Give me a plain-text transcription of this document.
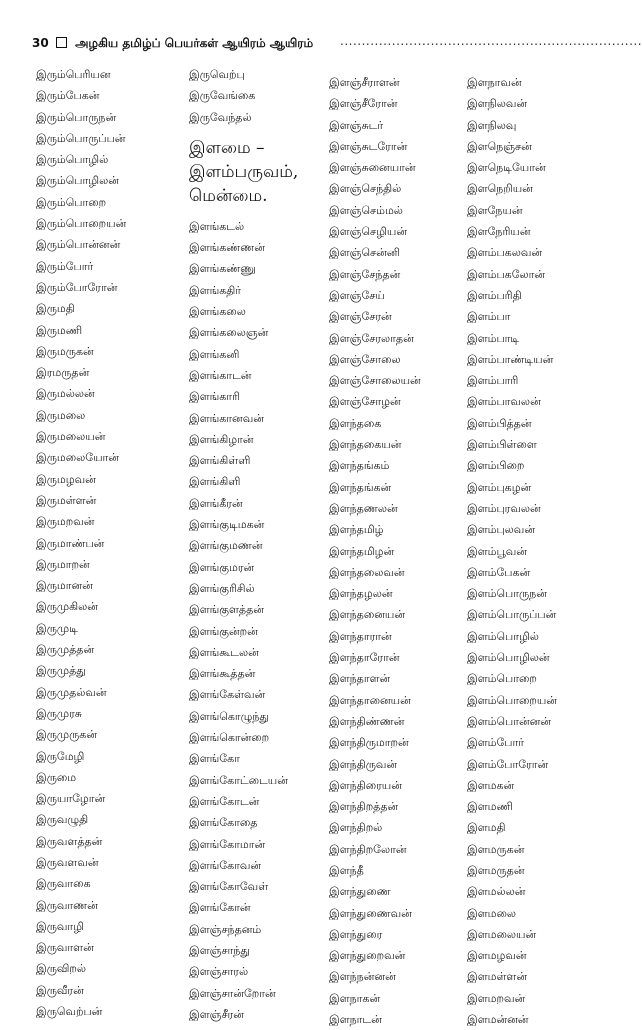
30 அழகிய தமிழ்ப் பெயர்கள் ஆயிரம் ஆயிரம் ......................................................................
இரும்பெரியன
இரும்பேகன்
இரும்பொருநன்
இரும்பொருப்பன்
இரும்பொழில்
இரும்பொழிலன்
இரும்பொறை
இரும்பொறையன்
இரும்பொன்னன்
இரும்போர்
இரும்போரோன்
இருமதி
இருமணி
இருமருகன்
இரமருதன்
இருமல்லன்
இருமலை
இருமலையன்
இருமலையோன்
இருமழவன்
இருமள்ளன்
இருமறவன்
இருமாண்பன்
இருமாறன்
இருமானன்
இருமுகிலன்
இருமுடி
இருமுத்தன்
இருமுத்து
இருமுதல்வன்
இருமுரசு
இருமுருகன்
இருமேழி
இருமை
இருயாழோன்
இருவழுதி
இருவளத்தன்
இருவளவன்
இருவாகை
இருவாணன்
இருவாழி
இருவாளன்
இருவிறல்
இருவீரன்
இருவெற்பன்
இருவெற்பு
இருவேங்கை
இருவேந்தல்
இளமை –
இளம்பருவம்,
மென்மை.
இளங்கடல்
இளங்கண்ணன்
இளங்கண்ணு
இளங்கதிர்
இளங்கலை
இளங்கலைஞன்
இளங்கனி
இளங்காடன்
இளங்காரி
இளங்கானவன்
இளங்கிழான்
இளங்கிள்ளி
இளங்கிளி
இளங்கீரன்
இளங்குடிமகன்
இளங்குமணன்
இளங்குமரன்
இளங்குரிசில்
இளங்குளத்தன்
இளங்குன்றன்
இளங்கூடலன்
இளங்கூத்தன்
இளங்கேள்வன்
இளங்கொழுந்து
இளங்கொன்றை
இளங்கோ
இளங்கோட்டையன்
இளங்கோடன்
இளங்கோதை
இளங்கோமான்
இளங்கோவன்
இளங்கோவேள்
இளங்கோன்
இளஞ்சந்தனம்
இளஞ்சாந்து
இளஞ்சாரல்
இளஞ்சான்றோன்
இளஞ்சீரன்
இளஞ்சீராளன்
இளஞ்சீரோன்
இளஞ்சுடர்
இளஞ்சுடரோன்
இளஞ்சுனையான்
இளஞ்செந்தில்
இளஞ்செம்மல்
இளஞ்செழியன்
இளஞ்சென்னி
இளஞ்சேந்தன்
இளஞ்சேய்
இளஞ்சேரன்
இளஞ்சேரலாதன்
இளஞ்சோலை
இளஞ்சோலையன்
இளஞ்சோழன்
இளந்தகை
இளந்தகையன்
இளந்தங்கம்
இளந்தங்கன்
இளந்தணலன்
இளந்தமிழ்
இளந்தமிழன்
இளந்தலைவன்
இளந்தழலன்
இளந்தனையன்
இளந்தாரான்
இளந்தாரோன்
இளந்தாளன்
இளந்தானையன்
இளந்திண்ணன்
இளந்திருமாறன்
இளந்திருவன்
இளந்திரையன்
இளந்திறத்தன்
இளந்திறல்
இளந்திறலோன்
இளந்தீ
இளந்துணை
இளந்துணைவன்
இளந்துரை
இளந்துறைவன்
இளந்நன்னன்
இளநாகன்
இளநாடன்
இளநாவன்
இளநிலவன்
இளநிலவு
இளநெஞ்சன்
இளநெடியோன்
இளநெறியன்
இளநேயன்
இளநேரியன்
இளம்பகலவன்
இளம்பகலோன்
இளம்பரிதி
இளம்பா
இளம்பாடி
இளம்பாண்டியன்
இளம்பாரி
இளம்பாவலன்
இளம்பித்தன்
இளம்பிள்ளை
இளம்பிறை
இளம்புகழன்
இளம்புரவலன்
இளம்புலவன்
இளம்பூவன்
இளம்பேகன்
இளம்பொருநன்
இளம்பொருப்பன்
இளம்பொழில்
இளம்பொழிலன்
இளம்பொறை
இளம்பொறையன்
இளம்பொன்னன்
இளம்போர்
இளம்போரோன்
இளமகன்
இளமணி
இளமதி
இளமருகன்
இளமருதன்
இளமல்லன்
இளமலை
இளமலையன்
இளமழவன்
இளமள்ளன்
இளமறவன்
இளமன்னன்
